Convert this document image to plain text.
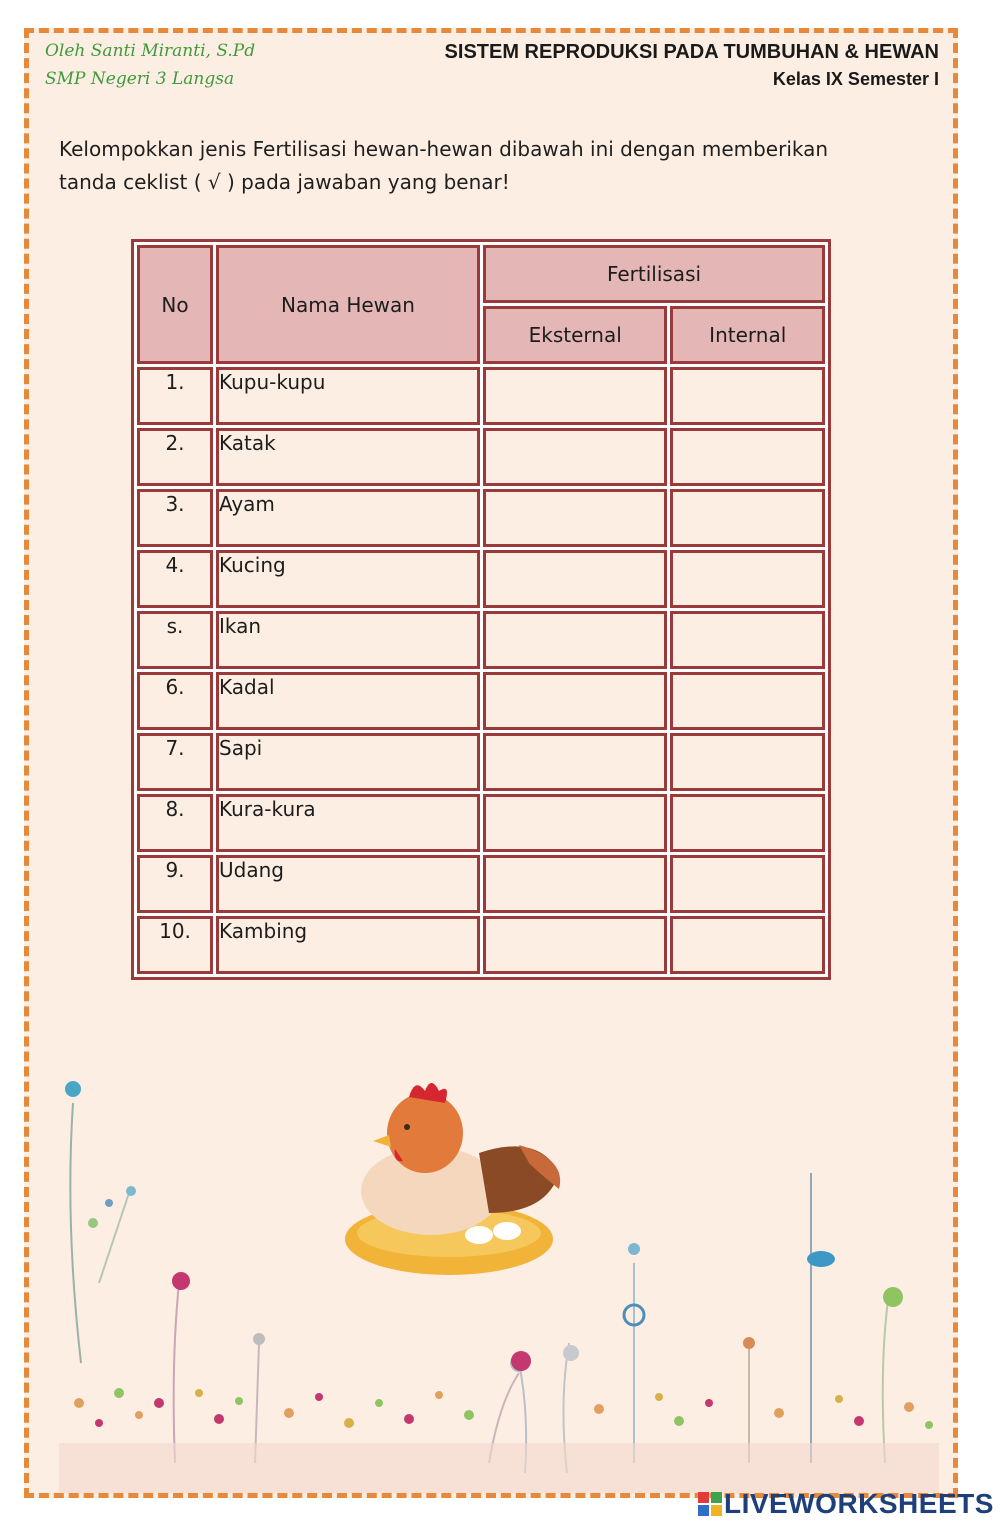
Oleh Santi Miranti, S.Pd
SMP Negeri 3 Langsa
SISTEM REPRODUKSI PADA TUMBUHAN & HEWAN
Kelas IX Semester I
Kelompokkan jenis Fertilisasi hewan-hewan dibawah ini dengan memberikan
tanda ceklist ( √ ) pada jawaban yang benar!
No	Nama Hewan	Fertilisasi	
		Eksternal	Internal
1.	Kupu-kupu		
2.	Katak		
3.	Ayam		
4.	Kucing		
s.	Ikan		
6.	Kadal		
7.	Sapi		
8.	Kura-kura		
9.	Udang		
10.	Kambing		
LIVEWORKSHEETS
